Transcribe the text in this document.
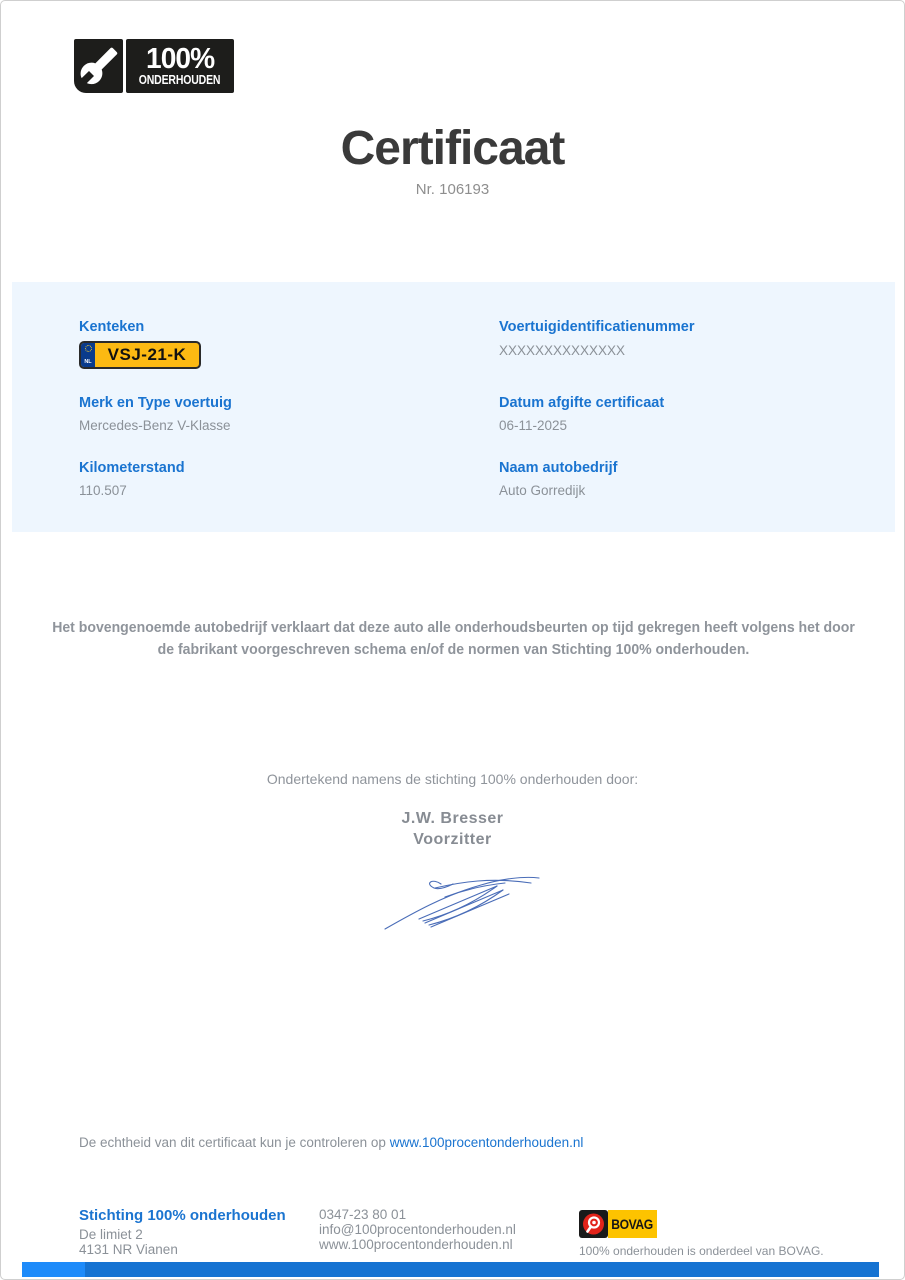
100%
ONDERHOUDEN
Certificaat
Nr. 106193
Kenteken
NL VSJ-21-K
Voertuigidentificatienummer
XXXXXXXXXXXXXX
Merk en Type voertuig
Mercedes-Benz V-Klasse
Datum afgifte certificaat
06-11-2025
Kilometerstand
110.507
Naam autobedrijf
Auto Gorredijk
Het bovengenoemde autobedrijf verklaart dat deze auto alle onderhoudsbeurten op tijd gekregen heeft volgens het door de fabrikant voorgeschreven schema en/of de normen van Stichting 100% onderhouden.
Ondertekend namens de stichting 100% onderhouden door:
J.W. Bresser
Voorzitter
De echtheid van dit certificaat kun je controleren op www.100procentonderhouden.nl
Stichting 100% onderhouden
De limiet 2
4131 NR Vianen
0347-23 80 01
info@100procentonderhouden.nl
www.100procentonderhouden.nl
BOVAG
100% onderhouden is onderdeel van BOVAG.
